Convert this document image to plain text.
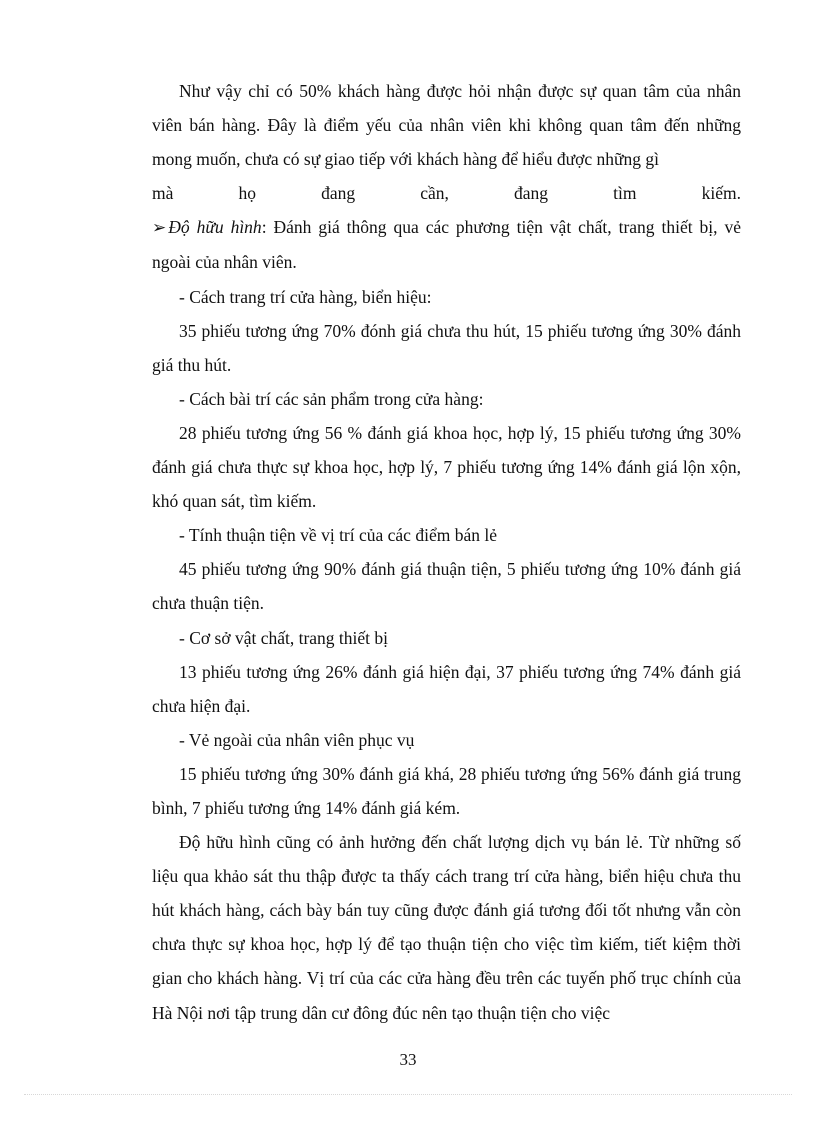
Như vậy chỉ có 50% khách hàng được hỏi nhận được sự quan tâm của nhân viên bán hàng. Đây là điểm yếu của nhân viên khi không quan tâm đến những mong muốn, chưa có sự giao tiếp với khách hàng để hiểu được những gì

mà họ đang cần, đang tìm kiếm.

➢ Độ hữu hình: Đánh giá thông qua các phương tiện vật chất, trang thiết bị, vẻ ngoài của nhân viên.

- Cách trang trí cửa hàng, biển hiệu:

35 phiếu tương ứng 70% đónh giá chưa thu hút, 15 phiếu tương ứng 30% đánh giá thu hút.

- Cách bài trí các sản phẩm trong cửa hàng:

28 phiếu tương ứng 56 % đánh giá khoa học, hợp lý, 15 phiếu tương ứng 30% đánh giá chưa thực sự khoa học, hợp lý, 7 phiếu tương ứng 14% đánh giá lộn xộn, khó quan sát, tìm kiếm.

- Tính thuận tiện về vị trí của các điểm bán lẻ

45 phiếu tương ứng 90% đánh giá thuận tiện, 5 phiếu tương ứng 10% đánh giá chưa thuận tiện.

- Cơ sở vật chất, trang thiết bị

13 phiếu tương ứng 26% đánh giá hiện đại, 37 phiếu tương ứng 74% đánh giá chưa hiện đại.

- Vẻ ngoài của nhân viên phục vụ

15 phiếu tương ứng 30% đánh giá khá, 28 phiếu tương ứng 56% đánh giá trung bình, 7 phiếu tương ứng 14% đánh giá kém.

Độ hữu hình cũng có ảnh hưởng đến chất lượng dịch vụ bán lẻ. Từ những số liệu qua khảo sát thu thập được ta thấy cách trang trí cửa hàng, biển hiệu chưa thu hút khách hàng, cách bày bán tuy cũng được đánh giá tương đối tốt nhưng vẫn còn chưa thực sự khoa học, hợp lý để tạo thuận tiện cho việc tìm kiếm, tiết kiệm thời gian cho khách hàng. Vị trí của các cửa hàng đều trên các tuyến phố trục chính của Hà Nội nơi tập trung dân cư đông đúc nên tạo thuận tiện cho việc

33
